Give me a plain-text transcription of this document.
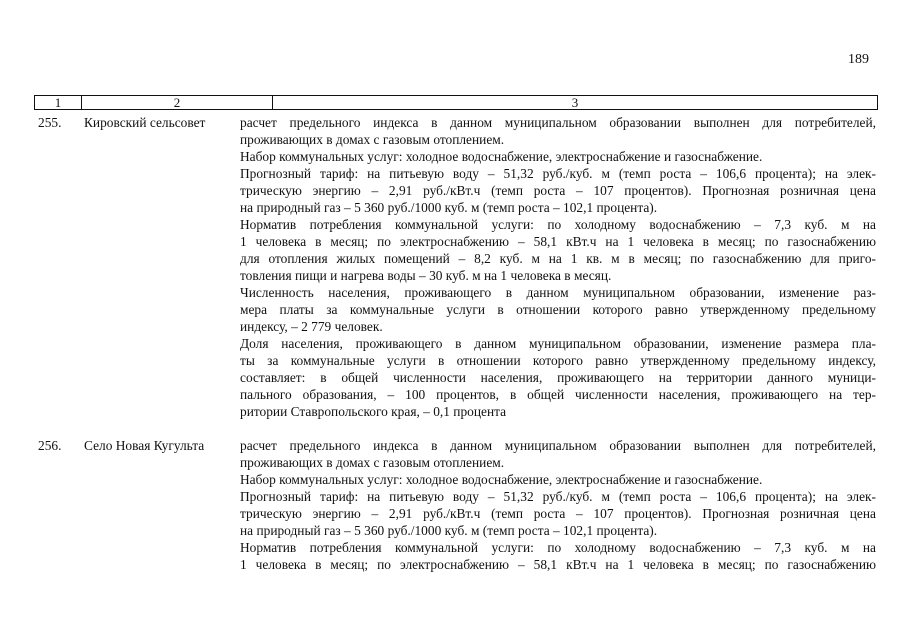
189
1	2	3
255. Кировский сельсовет	расчет предельного индекса в данном муниципальном образовании выполнен для потребителей,
проживающих в домах с газовым отоплением.
Набор коммунальных услуг: холодное водоснабжение, электроснабжение и газоснабжение.
Прогнозный тариф: на питьевую воду – 51,32 руб./куб. м (темп роста – 106,6 процента); на элек-
трическую энергию – 2,91 руб./кВт.ч (темп роста – 107 процентов). Прогнозная розничная цена
на природный газ – 5 360 руб./1000 куб. м (темп роста – 102,1 процента).
Норматив потребления коммунальной услуги: по холодному водоснабжению – 7,3 куб. м на
1 человека в месяц; по электроснабжению – 58,1 кВт.ч на 1 человека в месяц; по газоснабжению
для отопления жилых помещений – 8,2 куб. м на 1 кв. м в месяц; по газоснабжению для приго-
товления пищи и нагрева воды – 30 куб. м на 1 человека в месяц.
Численность населения, проживающего в данном муниципальном образовании, изменение раз-
мера платы за коммунальные услуги в отношении которого равно утвержденному предельному
индексу, – 2 779 человек.
Доля населения, проживающего в данном муниципальном образовании, изменение размера пла-
ты за коммунальные услуги в отношении которого равно утвержденному предельному индексу,
составляет: в общей численности населения, проживающего на территории данного муници-
пального образования, – 100 процентов, в общей численности населения, проживающего на тер-
ритории Ставропольского края, – 0,1 процента
256. Село Новая Кугульта	расчет предельного индекса в данном муниципальном образовании выполнен для потребителей,
проживающих в домах с газовым отоплением.
Набор коммунальных услуг: холодное водоснабжение, электроснабжение и газоснабжение.
Прогнозный тариф: на питьевую воду – 51,32 руб./куб. м (темп роста – 106,6 процента); на элек-
трическую энергию – 2,91 руб./кВт.ч (темп роста – 107 процентов). Прогнозная розничная цена
на природный газ – 5 360 руб./1000 куб. м (темп роста – 102,1 процента).
Норматив потребления коммунальной услуги: по холодному водоснабжению – 7,3 куб. м на
1 человека в месяц; по электроснабжению – 58,1 кВт.ч на 1 человека в месяц; по газоснабжению
